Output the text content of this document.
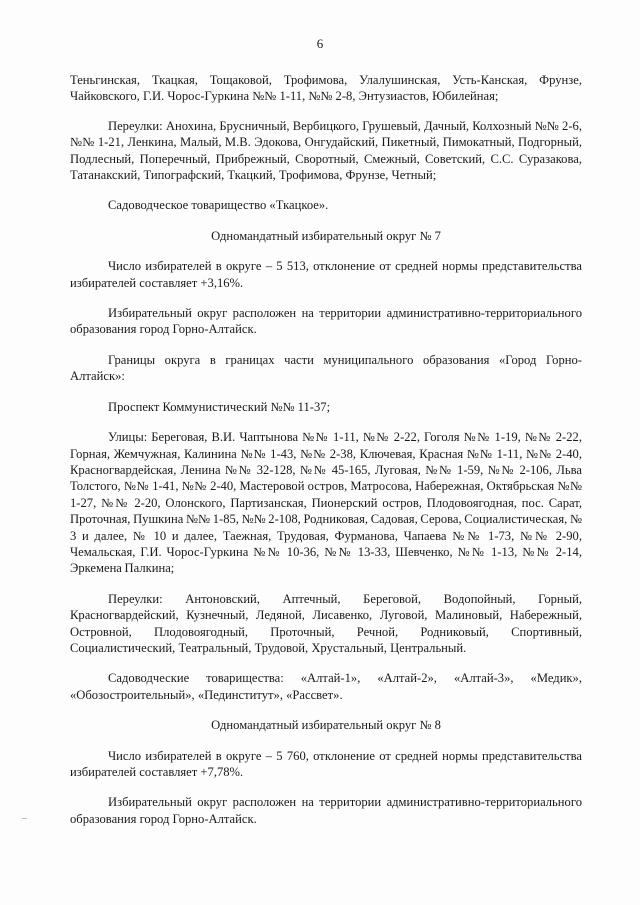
6

Теньгинская, Ткацкая, Тощаковой, Трофимова, Улалушинская, Усть-Канская, Фрунзе, Чайковского, Г.И. Чорос-Гуркина №№ 1-11, №№ 2-8, Энтузиастов, Юбилейная;

Переулки: Анохина, Брусничный, Вербицкого, Грушевый, Дачный, Колхозный №№ 2-6, №№ 1-21, Ленкина, Малый, М.В. Эдокова, Онгудайский, Пикетный, Пимокатный, Подгорный, Подлесный, Поперечный, Прибрежный, Своротный, Смежный, Советский, С.С. Суразакова, Татанакский, Типографский, Ткацкий, Трофимова, Фрунзе, Четный;

Садоводческое товарищество «Ткацкое».

Одномандатный избирательный округ № 7

Число избирателей в округе – 5 513, отклонение от средней нормы представительства избирателей составляет +3,16%.

Избирательный округ расположен на территории административно-территориального образования город Горно-Алтайск.

Границы округа в границах части муниципального образования «Город Горно-Алтайск»:

Проспект Коммунистический №№ 11-37;

Улицы: Береговая, В.И. Чаптынова №№ 1-11, №№ 2-22, Гоголя №№ 1-19, №№ 2-22, Горная, Жемчужная, Калинина №№ 1-43, №№ 2-38, Ключевая, Красная №№ 1-11, №№ 2-40, Красногвардейская, Ленина №№ 32-128, №№ 45-165, Луговая, №№ 1-59, №№ 2-106, Льва Толстого, №№ 1-41, №№ 2-40, Мастеровой остров, Матросова, Набережная, Октябрьская №№ 1-27, №№ 2-20, Олонского, Партизанская, Пионерский остров, Плодовоягодная, пос. Сарат, Проточная, Пушкина №№ 1-85, №№ 2-108, Родниковая, Садовая, Серова, Социалистическая, № 3 и далее, № 10 и далее, Таежная, Трудовая, Фурманова, Чапаева №№ 1-73, №№ 2-90, Чемальская, Г.И. Чорос-Гуркина №№ 10-36, №№ 13-33, Шевченко, №№ 1-13, №№ 2-14, Эркемена Палкина;

Переулки: Антоновский, Аптечный, Береговой, Водопойный, Горный, Красногвардейский, Кузнечный, Ледяной, Лисавенко, Луговой, Малиновый, Набережный, Островной, Плодовоягодный, Проточный, Речной, Родниковый, Спортивный, Социалистический, Театральный, Трудовой, Хрустальный, Центральный.

Садоводческие товарищества: «Алтай-1», «Алтай-2», «Алтай-3», «Медик», «Обозостроительный», «Пединститут», «Рассвет».

Одномандатный избирательный округ № 8

Число избирателей в округе – 5 760, отклонение от средней нормы представительства избирателей составляет +7,78%.

Избирательный округ расположен на территории административно-территориального образования город Горно-Алтайск.
